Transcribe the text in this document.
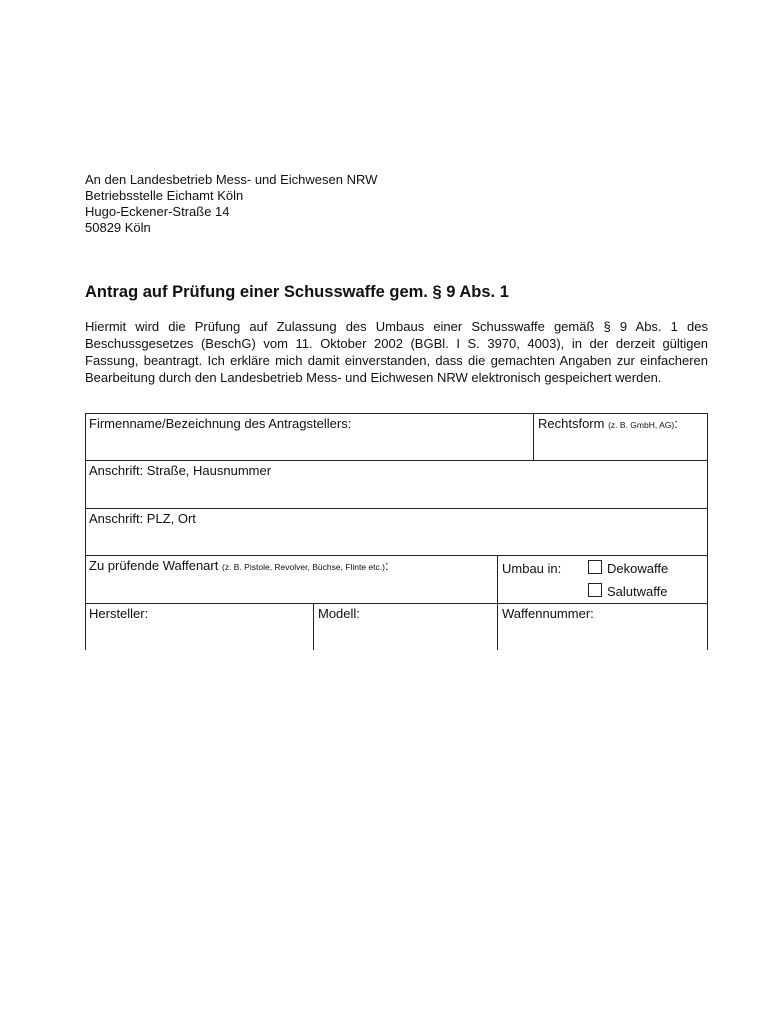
An den Landesbetrieb Mess- und Eichwesen NRW
Betriebsstelle Eichamt Köln
Hugo-Eckener-Straße 14
50829 Köln
Antrag auf Prüfung einer Schusswaffe gem. § 9 Abs. 1
Hiermit wird die Prüfung auf Zulassung des Umbaus einer Schusswaffe gemäß § 9 Abs. 1 des Beschussgesetzes (BeschG) vom 11. Oktober 2002 (BGBl. I S. 3970, 4003), in der derzeit gültigen Fassung, beantragt. Ich erkläre mich damit einverstanden, dass die gemachten Angaben zur einfacheren Bearbeitung durch den Landesbetrieb Mess- und Eichwesen NRW elektronisch gespeichert werden.
Firmenname/Bezeichnung des Antragstellers:	Rechtsform (z. B. GmbH, AG):
Anschrift: Straße, Hausnummer
Anschrift: PLZ, Ort
Zu prüfende Waffenart (z. B. Pistole, Revolver, Büchse, Flinte etc.):	Umbau in:	Dekowaffe
Salutwaffe
Hersteller:	Modell:	Waffennummer:
